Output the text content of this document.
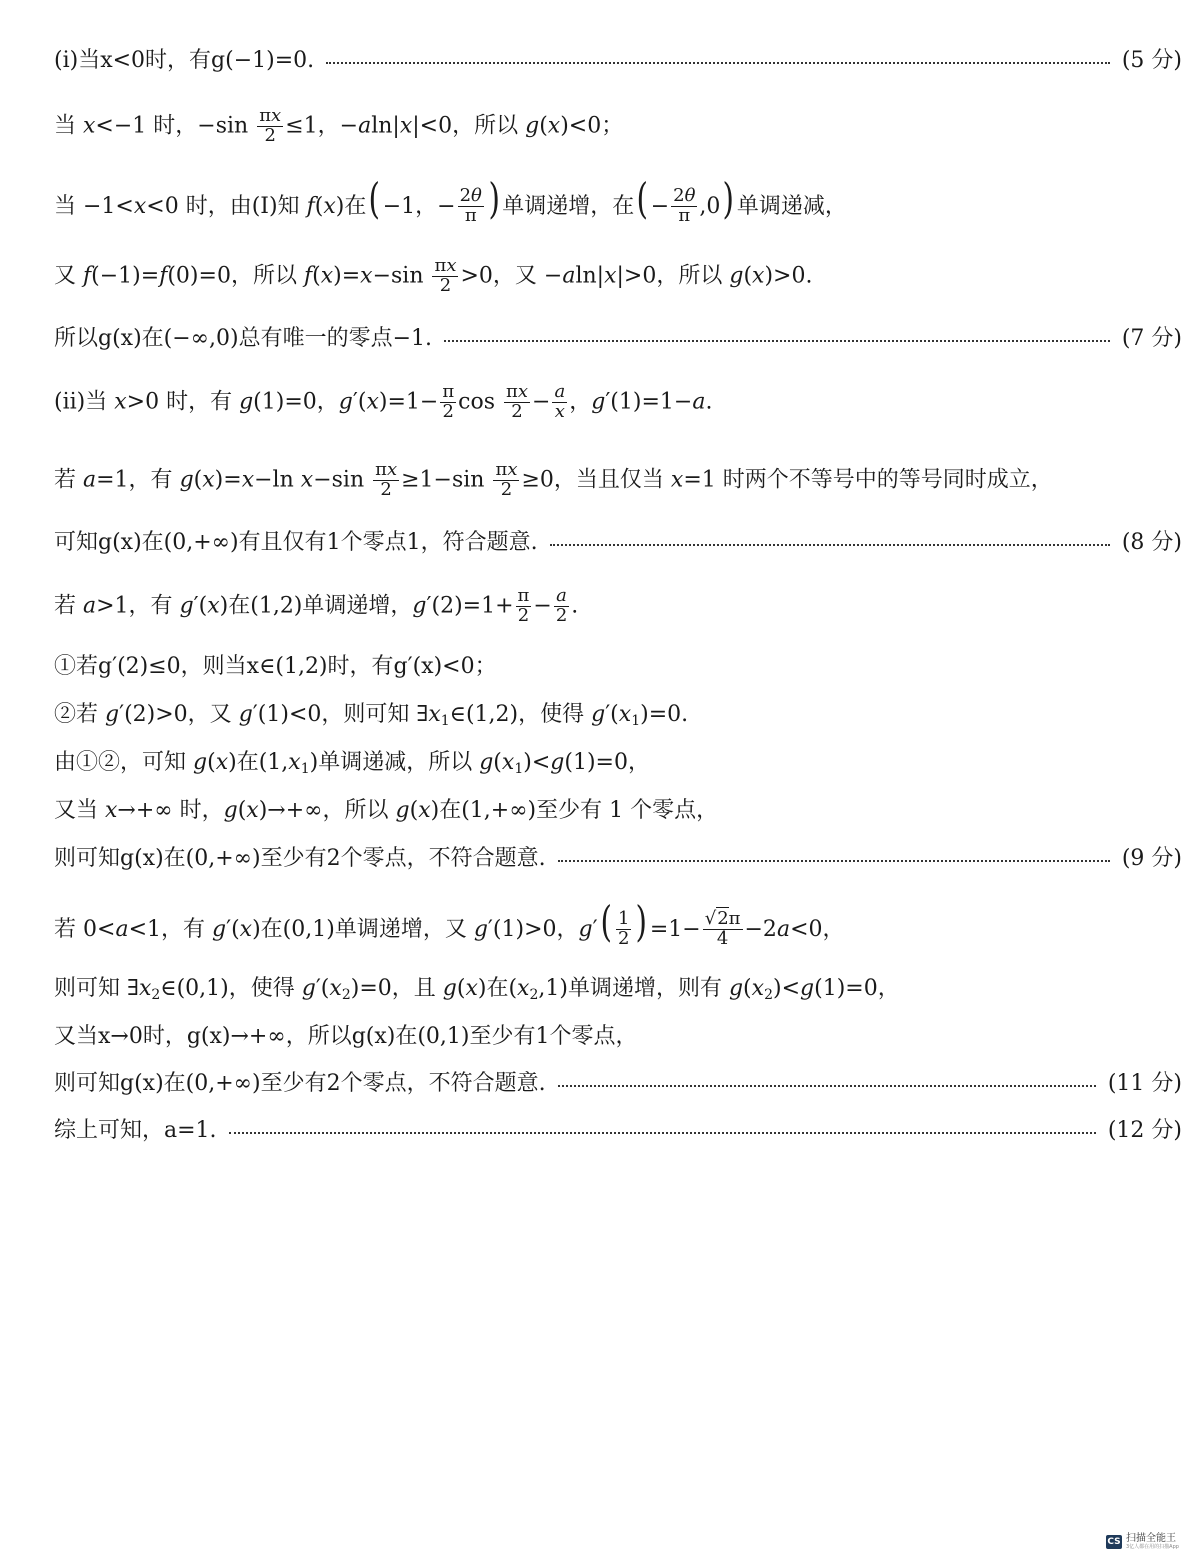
(ⅰ)当x<0时，有g(−1)=0.	(5 分)
当 x<−1 时，$-\sin \frac{\pi x}{2} \le 1$，−aln|x|<0，所以 g(x)<0；
当 −1<x<0 时，由(Ⅰ)知 f(x)在( −1，− $\frac{2\theta}{\pi}$ ) 单调递增，在( − $\frac{2\theta}{\pi} ,0$) 单调递减，
又 f(−1)=f(0)=0，所以 $f(x)=x-\sin \frac{\pi x}{2} >0$，又 −aln|x|>0，所以 g(x)>0.
所以g(x)在(−∞,0)总有唯一的零点−1.	(7 分)
(ⅱ)当 x>0 时，有 g(1)=0，$g'(x)=1- \frac{\pi}{2}$ $\cos \frac{\pi x}{2} - \frac{a}{x}$ ，g′(1)=1−a.
若 a=1，有 g(x)=x−ln $x-\sin \frac{\pi x}{2} \ge 1-\sin \frac{\pi x}{2} \ge 0$，当且仅当 x=1 时两个不等号中的等号同时成立，
可知g(x)在(0,+∞)有且仅有1个零点1，符合题意.	(8 分)
若 a>1，有 g′(x)在(1,2)单调递增，$g'(2)=1+ \frac{\pi}{2} - \frac{a}{2}$ .
①若g′(2)≤0，则当x∈(1,2)时，有g′(x)<0；
②若 g′(2)>0，又 g′(1)<0，则可知 $\exists x_1\in(1,2)$，使得 $g'(x_1)=0$.
由①②，可知 g(x)在$(1,x_1)$单调递减，所以 $g(x_1)<g(1)=0$，
又当 x→+∞ 时，g(x)→+∞，所以 g(x)在(1,+∞)至少有 1 个零点，
则可知g(x)在(0,+∞)至少有2个零点，不符合题意.	(9 分)
若 0<a<1，有 g′(x)在(0,1)单调递增，又 g′(1)>0，$g'( \frac{1}{2}$ ) $=1- \frac{√2\pi}{4} -2a<0$，
则可知 $\exists x_2\in(0,1)$，使得 $g'(x_2)=0$，且 g(x)在$(x_2,1)$单调递增，则有 $g(x_2)<g(1)=0$，
又当x→0时，g(x)→+∞，所以g(x)在(0,1)至少有1个零点，
则可知g(x)在(0,+∞)至少有2个零点，不符合题意.	(11 分)
综上可知，a=1.	(12 分)
CS 扫描全能王
3亿人都在用的扫描App
